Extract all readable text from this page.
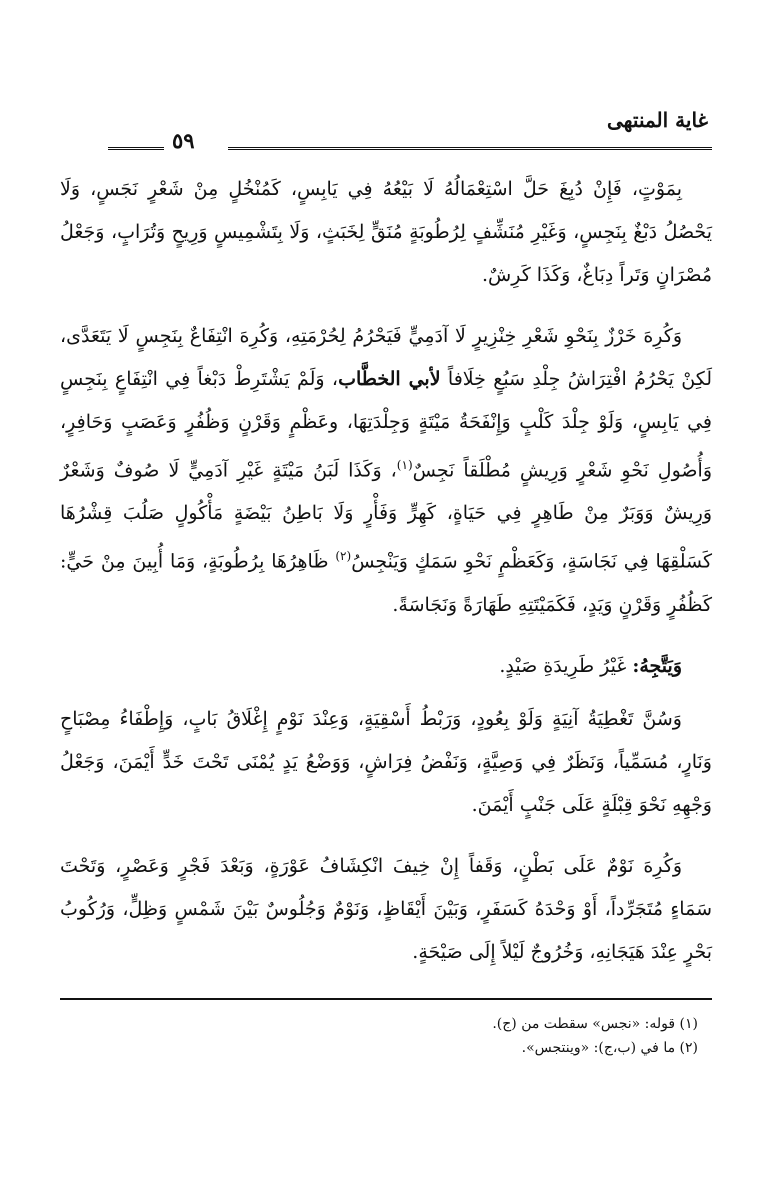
غاية المنتهى
٥٩

بِمَوْتٍ، فَإِنْ دُبِغَ حَلَّ اسْتِعْمَالُهُ لَا بَيْعُهُ فِي يَابِسٍ، كَمُنْخُلٍ مِنْ شَعْرٍ نَجَسٍ، وَلَا يَحْصُلُ دَبْغٌ بِنَجِسٍ، وَغَيْرِ مُنَشِّفٍ لِرُطُوبَةٍ مُنَقٍّ لِخَبَثٍ، وَلَا بِتَشْمِيسٍ وَرِيحٍ وَتُرَابٍ، وَجَعْلُ مُصْرَانٍ وَتَراً دِبَاغٌ، وَكَذَا كَرِشٌ.

وَكُرِهَ خَرْزٌ بِنَحْوِ شَعْرِ خِنْزِيرٍ لَا آدَمِيٍّ فَيَحْرُمُ لِحُرْمَتِهِ، وَكُرِهَ انْتِفَاعٌ بِنَجِسٍ لَا يَتَعَدَّى، لَكِنْ يَحْرُمُ افْتِرَاشُ جِلْدِ سَبُعٍ خِلَافاً لأبي الخطَّاب، وَلَمْ يَشْتَرِطْ دَبْغاً فِي انْتِفَاعٍ بِنَجِسٍ فِي يَابِسٍ، وَلَوْ جِلْدَ كَلْبٍ وَإِنْفَحَةُ مَيْتَةٍ وَجِلْدَتِهَا، وعَظْمٍ وَقَرْنٍ وَظُفُرٍ وَعَصَبٍ وَحَافِرٍ، وَأُصُولِ نَحْوِ شَعْرٍ وَرِيشٍ مُطْلَقاً نَجِسٌ$^{(١)}$، وَكَذَا لَبَنُ مَيْتَةٍ غَيْرِ آدَمِيٍّ لَا صُوفٌ وَشَعْرٌ وَرِيشٌ وَوَبَرٌ مِنْ طَاهِرٍ فِي حَيَاةٍ، كَهِرٍّ وَفَأْرٍ وَلَا بَاطِنُ بَيْضَةٍ مَأْكُولٍ صَلُبَ قِشْرُهَا كَسَلْقِهَا فِي نَجَاسَةٍ، وَكَعَظْمٍ نَحْوِ سَمَكٍ وَيَنْجِسُ$^{(٢)}$ ظَاهِرُهَا بِرُطُوبَةٍ، وَمَا أُبِينَ مِنْ حَيٍّ: كَظُفُرٍ وَقَرْنٍ وَيَدٍ، فَكَمَيْتَتِهِ طَهَارَةً وَنَجَاسَةً.

وَيَتَّجِهُ: غَيْرُ طَرِيدَةِ صَيْدٍ.

وَسُنَّ تَغْطِيَةُ آنِيَةٍ وَلَوْ بِعُودٍ، وَرَبْطُ أَسْقِيَةٍ، وَعِنْدَ نَوْمٍ إِغْلَاقُ بَابٍ، وَإِطْفَاءُ مِصْبَاحٍ وَنَارٍ، مُسَمِّياً، وَنَظَرٌ فِي وَصِيَّةٍ، وَنَفْضُ فِرَاشٍ، وَوَضْعُ يَدٍ يُمْنَى تَحْتَ خَدٍّ أَيْمَنَ، وَجَعْلُ وَجْهِهِ نَحْوَ قِبْلَةٍ عَلَى جَنْبٍ أَيْمَنَ.

وَكُرِهَ نَوْمٌ عَلَى بَطْنٍ، وَقَفاً إِنْ خِيفَ انْكِشَافُ عَوْرَةٍ، وَبَعْدَ فَجْرٍ وَعَصْرٍ، وَتَحْتَ سَمَاءٍ مُتَجَرِّداً، أَوْ وَحْدَهُ كَسَفَرٍ، وَبَيْنَ أَيْقَاظٍ، وَنَوْمٌ وَجُلُوسٌ بَيْنَ شَمْسٍ وَظِلٍّ، وَرُكُوبُ بَحْرٍ عِنْدَ هَيَجَانِهِ، وَخُرُوجٌ لَيْلاً إِلَى صَيْحَةٍ.

(١) قوله: «نجس» سقطت من (ج).

(٢) ما في (ب،ج): «وينتجس».
